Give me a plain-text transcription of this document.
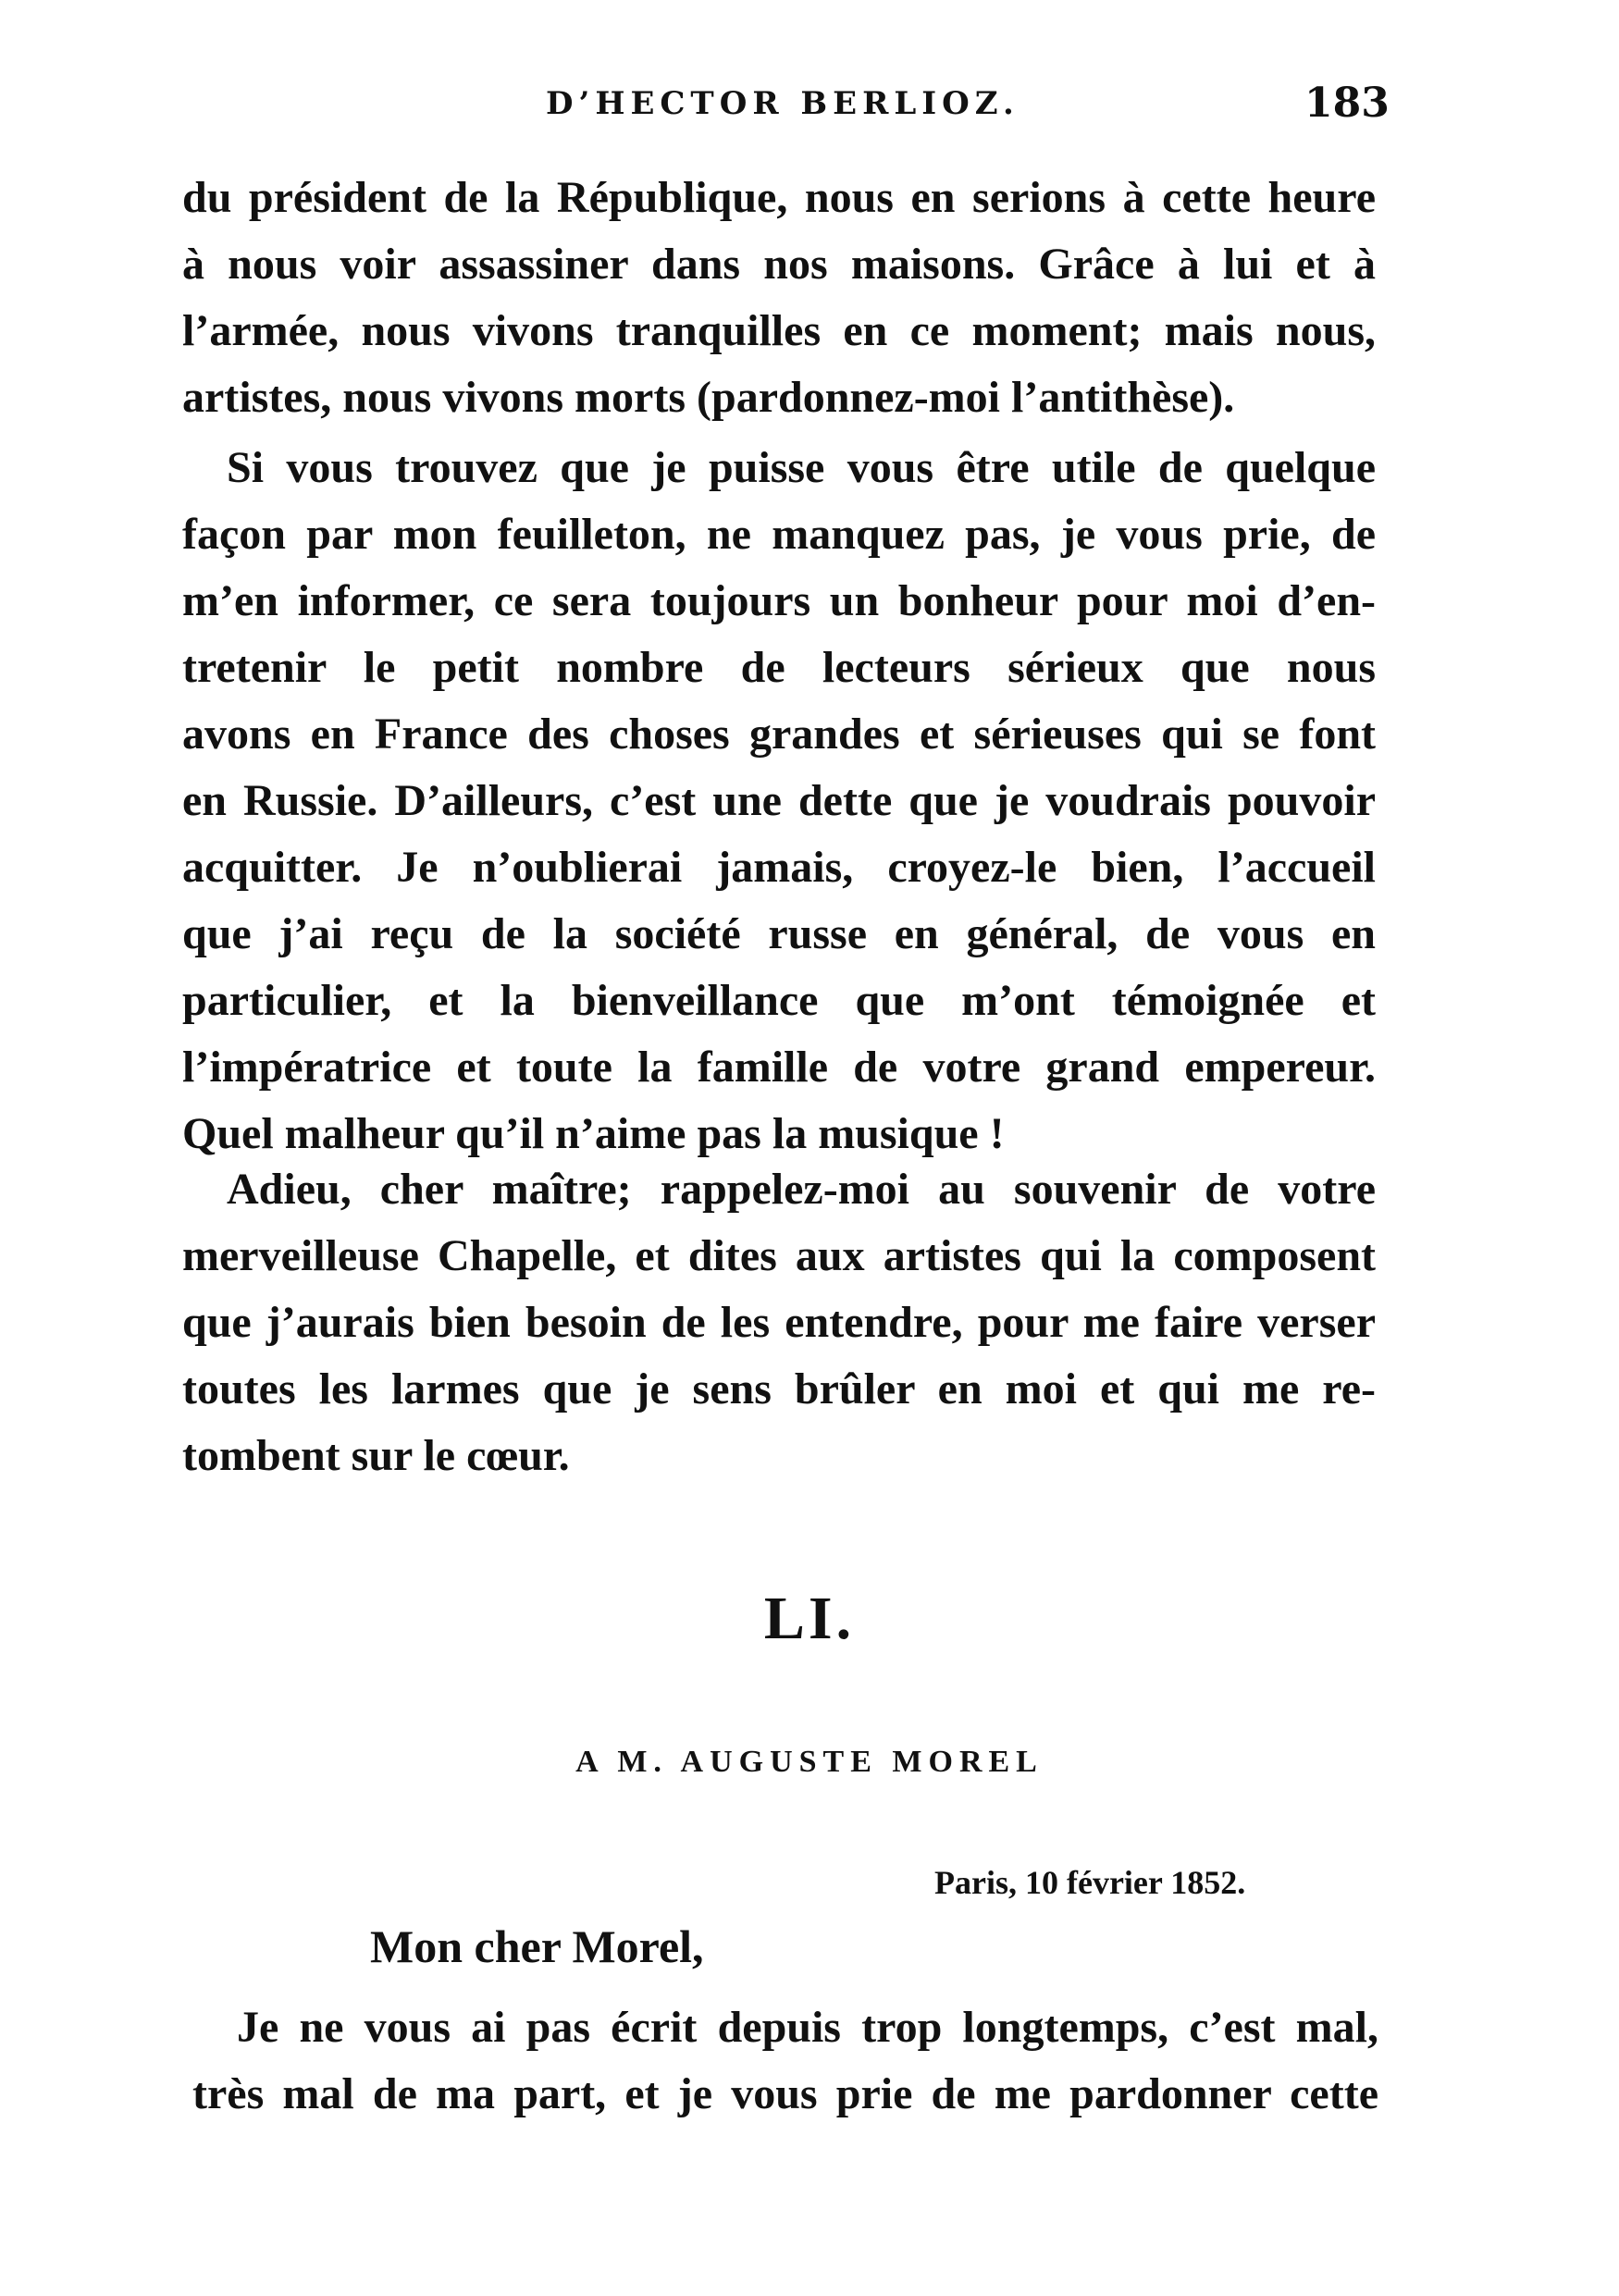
D’HECTOR BERLIOZ.	183
du président de la République, nous en serions à cette heure
à nous voir assassiner dans nos maisons. Grâce à lui et à
l’armée, nous vivons tranquilles en ce moment; mais nous,
artistes, nous vivons morts (pardonnez-moi l’antithèse).
Si vous trouvez que je puisse vous être utile de quelque
façon par mon feuilleton, ne manquez pas, je vous prie, de
m’en informer, ce sera toujours un bonheur pour moi d’en-
tretenir le petit nombre de lecteurs sérieux que nous
avons en France des choses grandes et sérieuses qui se font
en Russie. D’ailleurs, c’est une dette que je voudrais pouvoir
acquitter. Je n’oublierai jamais, croyez-le bien, l’accueil
que j’ai reçu de la société russe en général, de vous en
particulier, et la bienveillance que m’ont témoignée et
l’impératrice et toute la famille de votre grand empereur.
Quel malheur qu’il n’aime pas la musique !
Adieu, cher maître; rappelez-moi au souvenir de votre
merveilleuse Chapelle, et dites aux artistes qui la composent
que j’aurais bien besoin de les entendre, pour me faire verser
toutes les larmes que je sens brûler en moi et qui me re-
tombent sur le cœur.
LI.
A M. AUGUSTE MOREL
Paris, 10 février 1852.
Mon cher Morel,
Je ne vous ai pas écrit depuis trop longtemps, c’est mal,
très mal de ma part, et je vous prie de me pardonner cette
